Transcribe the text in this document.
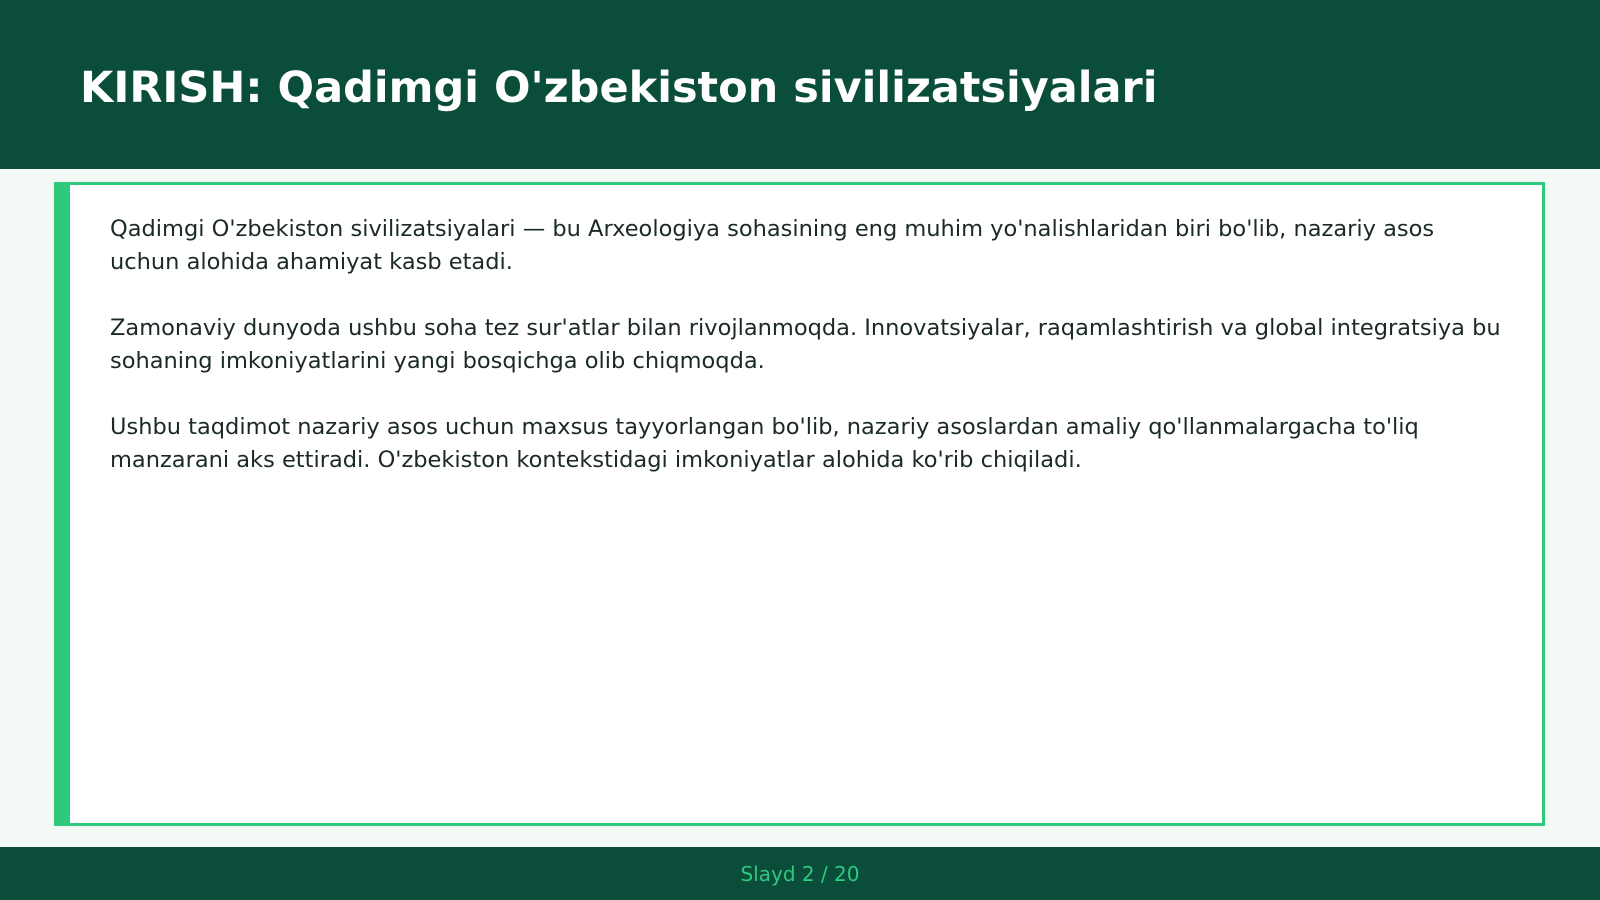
KIRISH: Qadimgi O'zbekiston sivilizatsiyalari

Qadimgi O'zbekiston sivilizatsiyalari — bu Arxeologiya sohasining eng muhim yo'nalishlaridan biri bo'lib, nazariy asos uchun alohida ahamiyat kasb etadi.

Zamonaviy dunyoda ushbu soha tez sur'atlar bilan rivojlanmoqda. Innovatsiyalar, raqamlashtirish va global integratsiya bu sohaning imkoniyatlarini yangi bosqichga olib chiqmoqda.

Ushbu taqdimot nazariy asos uchun maxsus tayyorlangan bo'lib, nazariy asoslardan amaliy qo'llanmalargacha to'liq manzarani aks ettiradi. O'zbekiston kontekstidagi imkoniyatlar alohida ko'rib chiqiladi.

Slayd 2 / 20
